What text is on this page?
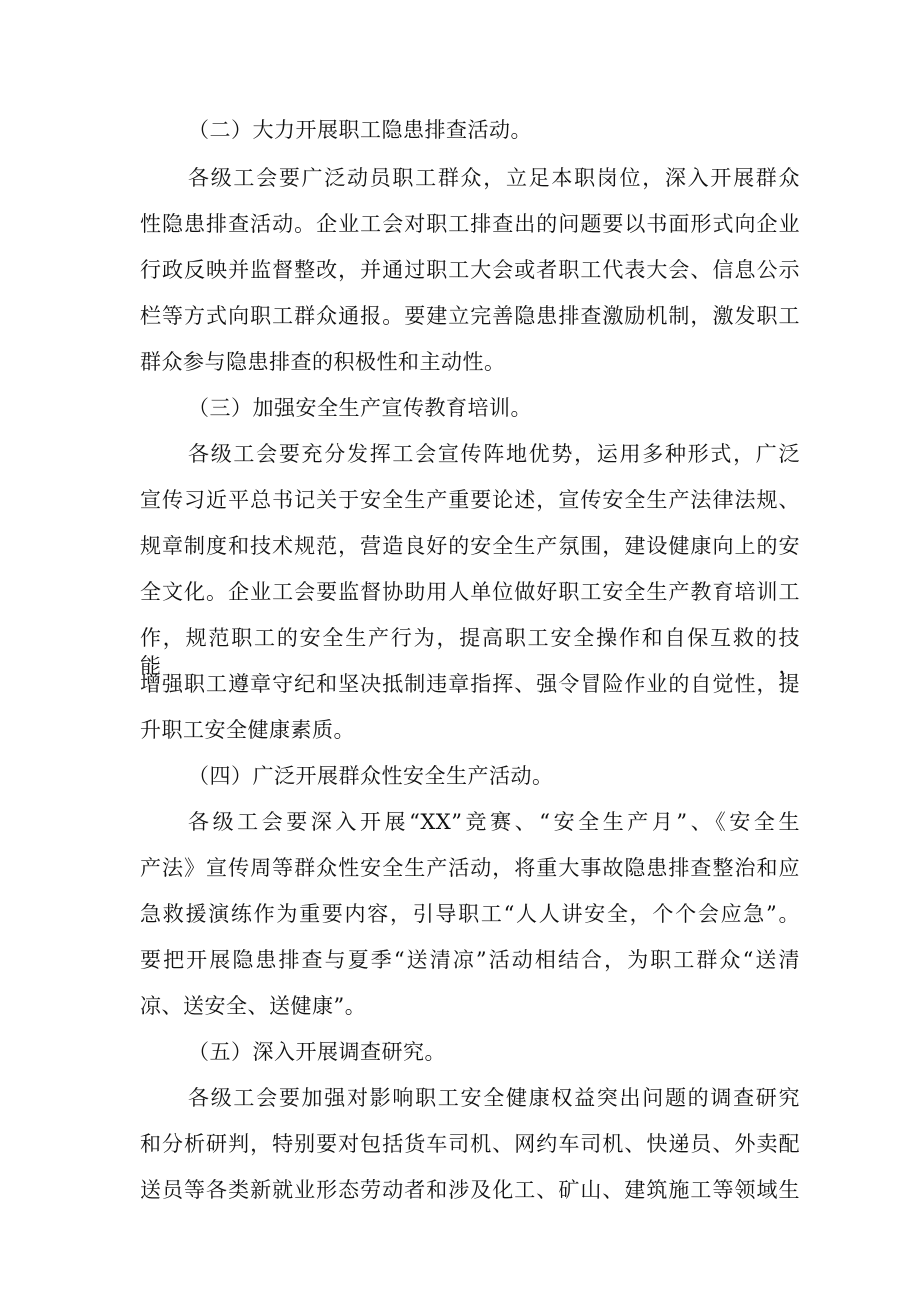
（二）大力开展职工隐患排查活动。
各级工会要广泛动员职工群众，立足本职岗位，深入开展群众
性隐患排查活动。企业工会对职工排查出的问题要以书面形式向企业
行政反映并监督整改，并通过职工大会或者职工代表大会、信息公示
栏等方式向职工群众通报。要建立完善隐患排查激励机制，激发职工
群众参与隐患排查的积极性和主动性。
（三）加强安全生产宣传教育培训。
各级工会要充分发挥工会宣传阵地优势，运用多种形式，广泛
宣传习近平总书记关于安全生产重要论述，宣传安全生产法律法规、
规章制度和技术规范，营造良好的安全生产氛围，建设健康向上的安
全文化。企业工会要监督协助用人单位做好职工安全生产教育培训工
作，规范职工的安全生产行为，提高职工安全操作和自保互救的技能，
增强职工遵章守纪和坚决抵制违章指挥、强令冒险作业的自觉性，提
升职工安全健康素质。
（四）广泛开展群众性安全生产活动。
各级工会要深入开展“XX”竞赛、“安全生产月”、《安全生
产法》宣传周等群众性安全生产活动，将重大事故隐患排查整治和应
急救援演练作为重要内容，引导职工“人人讲安全，个个会应急”。
要把开展隐患排查与夏季“送清凉”活动相结合，为职工群众“送清
凉、送安全、送健康”。
（五）深入开展调查研究。
各级工会要加强对影响职工安全健康权益突出问题的调查研究
和分析研判，特别要对包括货车司机、网约车司机、快递员、外卖配
送员等各类新就业形态劳动者和涉及化工、矿山、建筑施工等领域生
